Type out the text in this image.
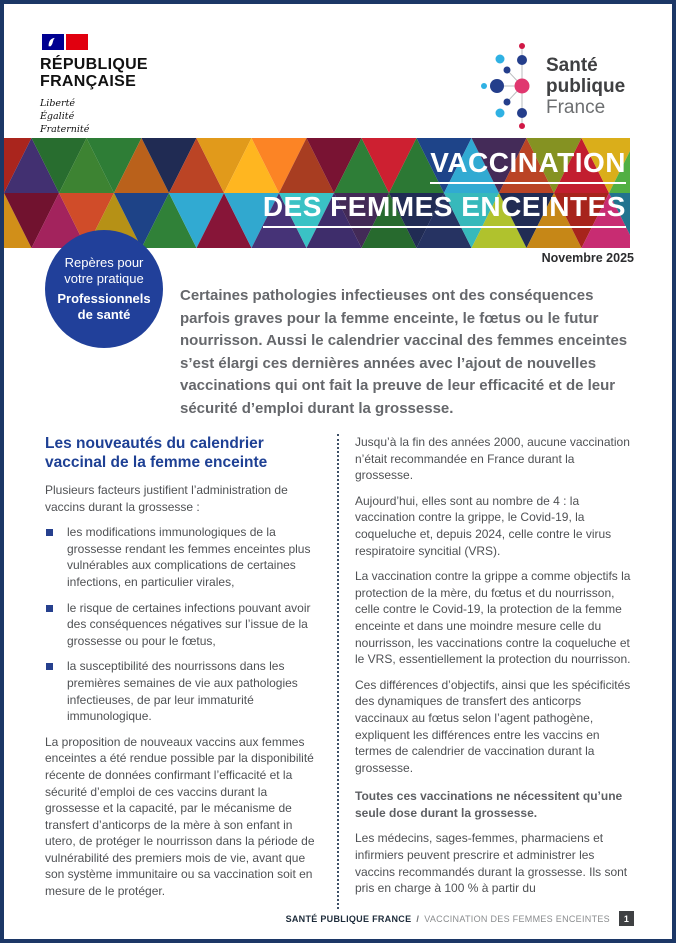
RÉPUBLIQUE
FRANÇAISE
Liberté
Égalité
Fraternité
Santé
publique
France
VACCINATION
DES FEMMES ENCEINTES
Repères pour votre pratique
Professionnels de santé
Novembre 2025
Certaines pathologies infectieuses ont des conséquences parfois graves pour la femme enceinte, le fœtus ou le futur nourrisson. Aussi le calendrier vaccinal des femmes enceintes s’est élargi ces dernières années avec l’ajout de nouvelles vaccinations qui ont fait la preuve de leur efficacité et de leur sécurité d’emploi durant la grossesse.
Les nouveautés du calendrier vaccinal de la femme enceinte

Plusieurs facteurs justifient l’administration de vaccins durant la grossesse :

les modifications immunologiques de la grossesse rendant les femmes enceintes plus vulnérables aux complications de certaines infections, en particulier virales,
le risque de certaines infections pouvant avoir des conséquences négatives sur l’issue de la grossesse ou pour le fœtus,
la susceptibilité des nourrissons dans les premières semaines de vie aux pathologies infectieuses, de par leur immaturité immunologique.

La proposition de nouveaux vaccins aux femmes enceintes a été rendue possible par la disponibilité récente de données confirmant l’efficacité et la sécurité d’emploi de ces vaccins durant la grossesse et la capacité, par le mécanisme de transfert d’anticorps de la mère à son enfant in utero, de protéger le nourrisson dans la période de vulnérabilité des premiers mois de vie, avant que son système immunitaire ou sa vaccination soit en mesure de le protéger.

Jusqu’à la fin des années 2000, aucune vaccination n’était recommandée en France durant la grossesse.

Aujourd’hui, elles sont au nombre de 4 : la vaccination contre la grippe, le Covid-19, la coqueluche et, depuis 2024, celle contre le virus respiratoire syncitial (VRS).

La vaccination contre la grippe a comme objectifs la protection de la mère, du fœtus et du nourrisson, celle contre le Covid-19, la protection de la femme enceinte et dans une moindre mesure celle du nourrisson, les vaccinations contre la coqueluche et le VRS, essentiellement la protection du nourrisson.

Ces différences d’objectifs, ainsi que les spécificités des dynamiques de transfert des anticorps vaccinaux au fœtus selon l’agent pathogène, expliquent les différences entre les vaccins en termes de calendrier de vaccination durant la grossesse.

Toutes ces vaccinations ne nécessitent qu’une seule dose durant la grossesse.

Les médecins, sages-femmes, pharmaciens et infirmiers peuvent prescrire et administrer les vaccins recommandés durant la grossesse. Ils sont pris en charge à 100 % à partir du

SANTÉ PUBLIQUE FRANCE / VACCINATION DES FEMMES ENCEINTES	1
